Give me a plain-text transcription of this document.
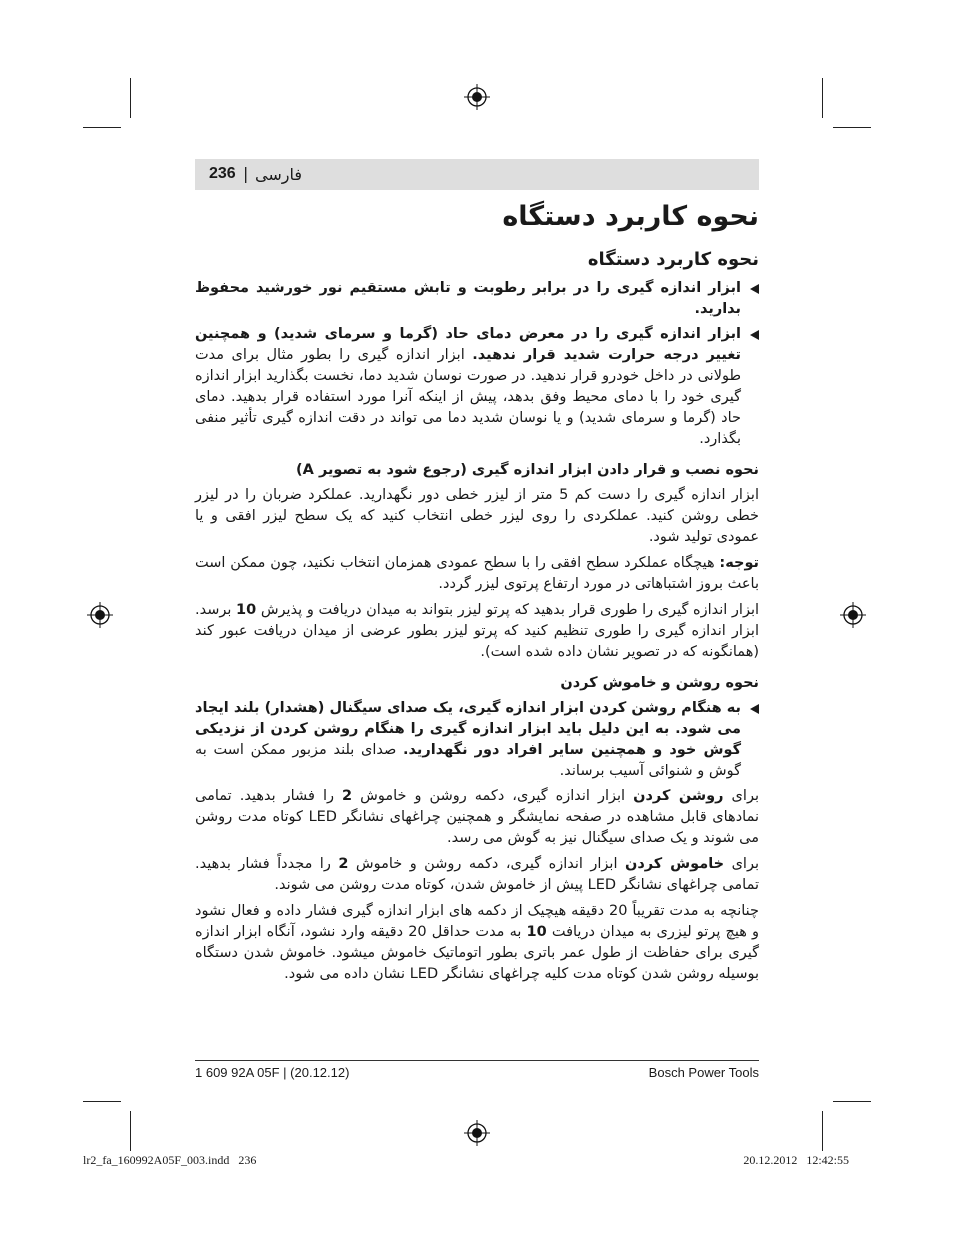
236 | فارسی
نحوه کاربرد دستگاه
نحوه کاربرد دستگاه

ابزار اندازه گیری را در برابر رطوبت و تابش مستقیم نور خورشید محفوظ بدارید.

ابزار اندازه گیری را در معرض دمای حاد (گرما و سرمای شدید) و همچنین تغییر درجه حرارت شدید قرار ندهید. ابزار اندازه گیری را بطور مثال برای مدت طولانی در داخل خودرو قرار ندهید. در صورت نوسان شدید دما، نخست بگذارید ابزار اندازه گیری خود را با دمای محیط وفق بدهد، پیش از اینکه آنرا مورد استفاده قرار بدهید. دمای حاد (گرما و سرمای شدید) و یا نوسان شدید دما می تواند در دقت اندازه گیری تأثیر منفی بگذارد.

نحوه نصب و قرار دادن ابزار اندازه گیری (رجوع شود به تصویر A)

ابزار اندازه گیری را دست کم 5 متر از لیزر خطی دور نگهدارید. عملکرد ضربان را در لیزر خطی روشن کنید. عملکردی را روی لیزر خطی انتخاب کنید که یک سطح لیزر افقی و یا عمودی تولید شود.

توجه: هیچگاه عملکرد سطح افقی را با سطح عمودی همزمان انتخاب نکنید، چون ممکن است باعث بروز اشتباهاتی در مورد ارتفاع پرتوی لیزر گردد.

ابزار اندازه گیری را طوری قرار بدهید که پرتو لیزر بتواند به میدان دریافت و پذیرش 10 برسد. ابزار اندازه گیری را طوری تنظیم کنید که پرتو لیزر بطور عرضی از میدان دریافت عبور کند (همانگونه که در تصویر نشان داده شده است).

نحوه روشن و خاموش کردن

به هنگام روشن کردن ابزار اندازه گیری، یک صدای سیگنال (هشدار) بلند ایجاد می شود. به این دلیل باید ابزار اندازه گیری را هنگام روشن کردن از نزدیکی گوش خود و همچنین سایر افراد دور نگهدارید. صدای بلند مزبور ممکن است به گوش و شنوائی آسیب برساند.

برای روشن کردن ابزار اندازه گیری، دکمه روشن و خاموش 2 را فشار بدهید. تمامی نمادهای قابل مشاهده در صفحه نمایشگر و همچنین چراغهای نشانگر LED کوتاه مدت روشن می شوند و یک صدای سیگنال نیز به گوش می رسد.

برای خاموش کردن ابزار اندازه گیری، دکمه روشن و خاموش 2 را مجدداً فشار بدهید. تمامی چراغهای نشانگر LED پیش از خاموش شدن، کوتاه مدت روشن می شوند.

چنانچه به مدت تقریباً 20 دقیقه هیچیک از دکمه های ابزار اندازه گیری فشار داده و فعال نشود و هیچ پرتو لیزری به میدان دریافت 10 به مدت حداقل 20 دقیقه وارد نشود، آنگاه ابزار اندازه گیری برای حفاظت از طول عمر باتری بطور اتوماتیک خاموش میشود. خاموش شدن دستگاه بوسیله روشن شدن کوتاه مدت کلیه چراغهای نشانگر LED نشان داده می شود.

1 609 92A 05F | (20.12.12)	Bosch Power Tools
lr2_fa_160992A05F_003.indd   236	20.12.2012   12:42:55
